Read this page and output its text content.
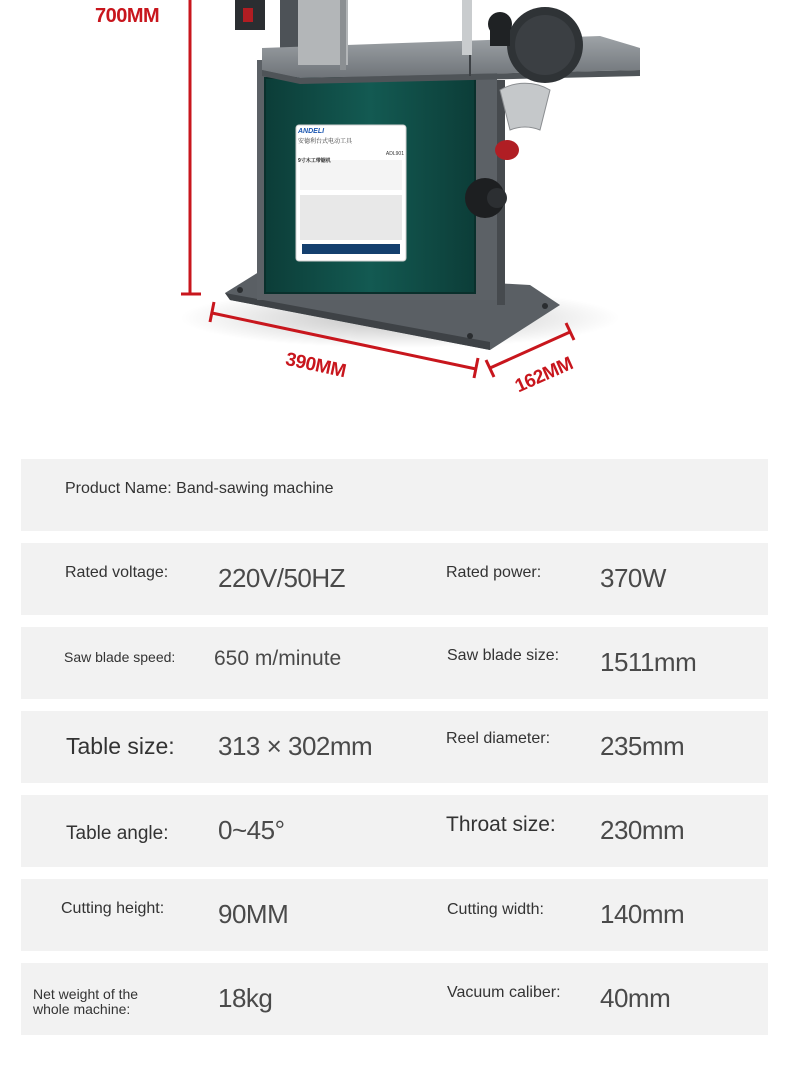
ANDELI
安德利台式电动工具
ADL901
9寸木工带锯机
700MM
390MM	162MM
Product Name: Band-sawing machine
Rated voltage: 220V/50HZ	Rated power: 370W
Saw blade speed: 650 m/minute	Saw blade size: 1511mm
Table size: 313 × 302mm	Reel diameter: 235mm
Table angle: 0~45°	Throat size: 230mm
Cutting height: 90MM	Cutting width: 140mm
Net weight of the
whole machine:	18kg	Vacuum caliber: 40mm
